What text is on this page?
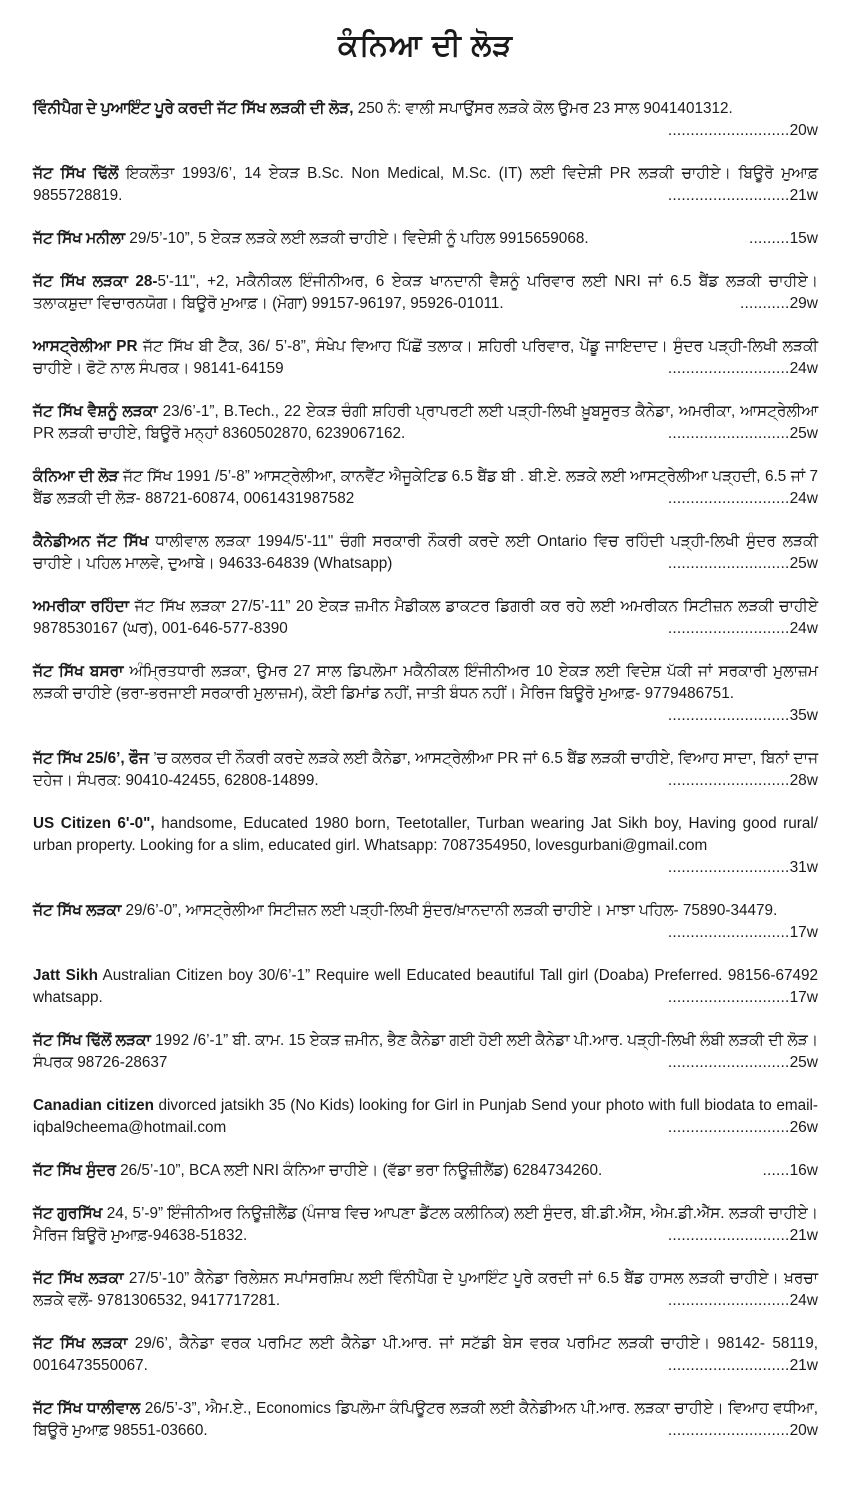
ਕੰਨਿਆ ਦੀ ਲੋੜ
ਵਿੰਨੀਪੈਗ ਦੇ ਪੁਆਇੰਟ ਪੂਰੇ ਕਰਦੀ ਜੱਟ ਸਿੱਖ ਲੜਕੀ ਦੀ ਲੋੜ, 250 ਨੰ: ਵਾਲੀ ਸਪਾਉਂਸਰ ਲੜਕੇ ਕੋਲ ਉਮਰ 23 ਸਾਲ 9041401312.
...........................20w
ਜੱਟ ਸਿੱਖ ਢਿੱਲੋਂ ਇਕਲੌਤਾ 1993/6’, 14 ਏਕੜ B.Sc. Non Medical, M.Sc. (IT) ਲਈ ਵਿਦੇਸ਼ੀ PR ਲੜਕੀ ਚਾਹੀਏ। ਬਿਊਰੋ ਮੁਆਫ਼ 9855728819.	...........................21w
ਜੱਟ ਸਿੱਖ ਮਨੀਲਾ 29/5’-10”, 5 ਏਕੜ ਲੜਕੇ ਲਈ ਲੜਕੀ ਚਾਹੀਏ। ਵਿਦੇਸ਼ੀ ਨੂੰ ਪਹਿਲ 9915659068.	.........15w
ਜੱਟ ਸਿੱਖ ਲੜਕਾ 28-5'-11", +2, ਮਕੈਨੀਕਲ ਇੰਜੀਨੀਅਰ, 6 ਏਕੜ ਖਾਨਦਾਨੀ ਵੈਸ਼ਨੂੰ ਪਰਿਵਾਰ ਲਈ NRI ਜਾਂ 6.5 ਬੈਂਡ ਲੜਕੀ ਚਾਹੀਏ। ਤਲਾਕਸ਼ੁਦਾ ਵਿਚਾਰਨਯੋਗ। ਬਿਊਰੋ ਮੁਆਫ਼। (ਮੋਗਾ) 99157-96197, 95926-01011.	...........29w
ਆਸਟ੍ਰੇਲੀਆ PR ਜੱਟ ਸਿੱਖ ਬੀ ਟੈੱਕ, 36/ 5’-8”, ਸੰਖੇਪ ਵਿਆਹ ਪਿੱਛੋਂ ਤਲਾਕ। ਸ਼ਹਿਰੀ ਪਰਿਵਾਰ, ਪੇਂਡੂ ਜਾਇਦਾਦ। ਸੁੰਦਰ ਪੜ੍ਹੀ-ਲਿਖੀ ਲੜਕੀ ਚਾਹੀਏ। ਫੋਟੋ ਨਾਲ ਸੰਪਰਕ। 98141-64159	...........................24w
ਜੱਟ ਸਿੱਖ ਵੈਸ਼ਨੂੰ ਲੜਕਾ 23/6’-1”, B.Tech., 22 ਏਕੜ ਚੰਗੀ ਸ਼ਹਿਰੀ ਪ੍ਰਾਪਰਟੀ ਲਈ ਪੜ੍ਹੀ-ਲਿਖੀ ਖ਼ੂਬਸੂਰਤ ਕੈਨੇਡਾ, ਅਮਰੀਕਾ, ਆਸਟ੍ਰੇਲੀਆ PR ਲੜਕੀ ਚਾਹੀਏ, ਬਿਊਰੋ ਮਨ੍ਹਾਂ 8360502870, 6239067162.	...........................25w
ਕੰਨਿਆ ਦੀ ਲੋੜ ਜੱਟ ਸਿੱਖ 1991 /5’-8” ਆਸਟ੍ਰੇਲੀਆ, ਕਾਨਵੈਂਟ ਐਜੂਕੇਟਿਡ 6.5 ਬੈਂਡ ਬੀ . ਬੀ.ਏ. ਲੜਕੇ ਲਈ ਆਸਟ੍ਰੇਲੀਆ ਪੜ੍ਹਦੀ, 6.5 ਜਾਂ 7 ਬੈਂਡ ਲੜਕੀ ਦੀ ਲੋੜ- 88721-60874, 0061431987582	...........................24w
ਕੈਨੇਡੀਅਨ ਜੱਟ ਸਿੱਖ ਧਾਲੀਵਾਲ ਲੜਕਾ 1994/5'-11" ਚੰਗੀ ਸਰਕਾਰੀ ਨੌਕਰੀ ਕਰਦੇ ਲਈ Ontario ਵਿਚ ਰਹਿੰਦੀ ਪੜ੍ਹੀ-ਲਿਖੀ ਸੁੰਦਰ ਲੜਕੀ ਚਾਹੀਏ। ਪਹਿਲ ਮਾਲਵੇ, ਦੁਆਬੇ। 94633-64839 (Whatsapp)	...........................25w
ਅਮਰੀਕਾ ਰਹਿੰਦਾ ਜੱਟ ਸਿੱਖ ਲੜਕਾ 27/5’-11” 20 ਏਕੜ ਜ਼ਮੀਨ ਮੈਡੀਕਲ ਡਾਕਟਰ ਡਿਗਰੀ ਕਰ ਰਹੇ ਲਈ ਅਮਰੀਕਨ ਸਿਟੀਜ਼ਨ ਲੜਕੀ ਚਾਹੀਏ 9878530167 (ਘਰ), 001-646-577-8390	...........................24w
ਜੱਟ ਸਿੱਖ ਬਸਰਾ ਅੰਮ੍ਰਿਤਧਾਰੀ ਲੜਕਾ, ਉਮਰ 27 ਸਾਲ ਡਿਪਲੋਮਾ ਮਕੈਨੀਕਲ ਇੰਜੀਨੀਅਰ 10 ਏਕੜ ਲਈ ਵਿਦੇਸ਼ ਪੱਕੀ ਜਾਂ ਸਰਕਾਰੀ ਮੁਲਾਜ਼ਮ ਲੜਕੀ ਚਾਹੀਏ (ਭਰਾ-ਭਰਜਾਈ ਸਰਕਾਰੀ ਮੁਲਾਜ਼ਮ), ਕੋਈ ਡਿਮਾਂਡ ਨਹੀਂ, ਜਾਤੀ ਬੰਧਨ ਨਹੀਂ। ਮੈਰਿਜ ਬਿਊਰੋ ਮੁਆਫ਼- 9779486751.
...........................35w
ਜੱਟ ਸਿੱਖ 25/6’, ਫੌਜ ’ਚ ਕਲਰਕ ਦੀ ਨੌਕਰੀ ਕਰਦੇ ਲੜਕੇ ਲਈ ਕੈਨੇਡਾ, ਆਸਟ੍ਰੇਲੀਆ PR ਜਾਂ 6.5 ਬੈਂਡ ਲੜਕੀ ਚਾਹੀਏ, ਵਿਆਹ ਸਾਦਾ, ਬਿਨਾਂ ਦਾਜ ਦਹੇਜ। ਸੰਪਰਕ: 90410-42455, 62808-14899.	...........................28w
US Citizen 6'-0", handsome, Educated 1980 born, Teetotaller, Turban wearing Jat Sikh boy, Having good rural/ urban property. Looking for a slim, educated girl. Whatsapp: 7087354950, lovesgurbani@gmail.com
...........................31w
ਜੱਟ ਸਿੱਖ ਲੜਕਾ 29/6’-0”, ਆਸਟ੍ਰੇਲੀਆ ਸਿਟੀਜ਼ਨ ਲਈ ਪੜ੍ਹੀ-ਲਿਖੀ ਸੁੰਦਰ/ਖ਼ਾਨਦਾਨੀ ਲੜਕੀ ਚਾਹੀਏ। ਮਾਝਾ ਪਹਿਲ- 75890-34479.
...........................17w
Jatt Sikh Australian Citizen boy 30/6’-1” Require well Educated beautiful Tall girl (Doaba) Preferred. 98156-67492 whatsapp.	...........................17w
ਜੱਟ ਸਿੱਖ ਢਿੱਲੋਂ ਲੜਕਾ 1992 /6’-1” ਬੀ. ਕਾਮ. 15 ਏਕੜ ਜ਼ਮੀਨ, ਭੈਣ ਕੈਨੇਡਾ ਗਈ ਹੋਈ ਲਈ ਕੈਨੇਡਾ ਪੀ.ਆਰ. ਪੜ੍ਹੀ-ਲਿਖੀ ਲੰਬੀ ਲੜਕੀ ਦੀ ਲੋੜ। ਸੰਪਰਕ 98726-28637	...........................25w
Canadian citizen divorced jatsikh 35 (No Kids) looking for Girl in Punjab Send your photo with full biodata to email-iqbal9cheema@hotmail.com	...........................26w
ਜੱਟ ਸਿੱਖ ਸੁੰਦਰ 26/5’-10”, BCA ਲਈ NRI ਕੰਨਿਆ ਚਾਹੀਏ। (ਵੱਡਾ ਭਰਾ ਨਿਊਜ਼ੀਲੈਂਡ) 6284734260.	......16w
ਜੱਟ ਗੁਰਸਿੱਖ 24, 5’-9” ਇੰਜੀਨੀਅਰ ਨਿਊਜ਼ੀਲੈਂਡ (ਪੰਜਾਬ ਵਿਚ ਆਪਣਾ ਡੈਂਟਲ ਕਲੀਨਿਕ) ਲਈ ਸੁੰਦਰ, ਬੀ.ਡੀ.ਐੱਸ, ਐਮ.ਡੀ.ਐੱਸ. ਲੜਕੀ ਚਾਹੀਏ। ਮੈਰਿਜ ਬਿਊਰੋ ਮੁਆਫ਼-94638-51832.	...........................21w
ਜੱਟ ਸਿੱਖ ਲੜਕਾ 27/5’-10” ਕੈਨੇਡਾ ਰਿਲੇਸ਼ਨ ਸਪਾਂਸਰਸ਼ਿਪ ਲਈ ਵਿੰਨੀਪੈਗ ਦੇ ਪੁਆਇੰਟ ਪੂਰੇ ਕਰਦੀ ਜਾਂ 6.5 ਬੈਂਡ ਹਾਸਲ ਲੜਕੀ ਚਾਹੀਏ। ਖ਼ਰਚਾ ਲੜਕੇ ਵਲੋਂ- 9781306532, 9417717281.	...........................24w
ਜੱਟ ਸਿੱਖ ਲੜਕਾ 29/6’, ਕੈਨੇਡਾ ਵਰਕ ਪਰਮਿਟ ਲਈ ਕੈਨੇਡਾ ਪੀ.ਆਰ. ਜਾਂ ਸਟੱਡੀ ਬੇਸ ਵਰਕ ਪਰਮਿਟ ਲੜਕੀ ਚਾਹੀਏ। 98142- 58119, 0016473550067.	...........................21w
ਜੱਟ ਸਿੱਖ ਧਾਲੀਵਾਲ 26/5’-3”, ਐਮ.ਏ., Economics ਡਿਪਲੋਮਾ ਕੰਪਿਊਟਰ ਲੜਕੀ ਲਈ ਕੈਨੇਡੀਅਨ ਪੀ.ਆਰ. ਲੜਕਾ ਚਾਹੀਏ। ਵਿਆਹ ਵਧੀਆ, ਬਿਊਰੋ ਮੁਆਫ਼ 98551-03660.	...........................20w
